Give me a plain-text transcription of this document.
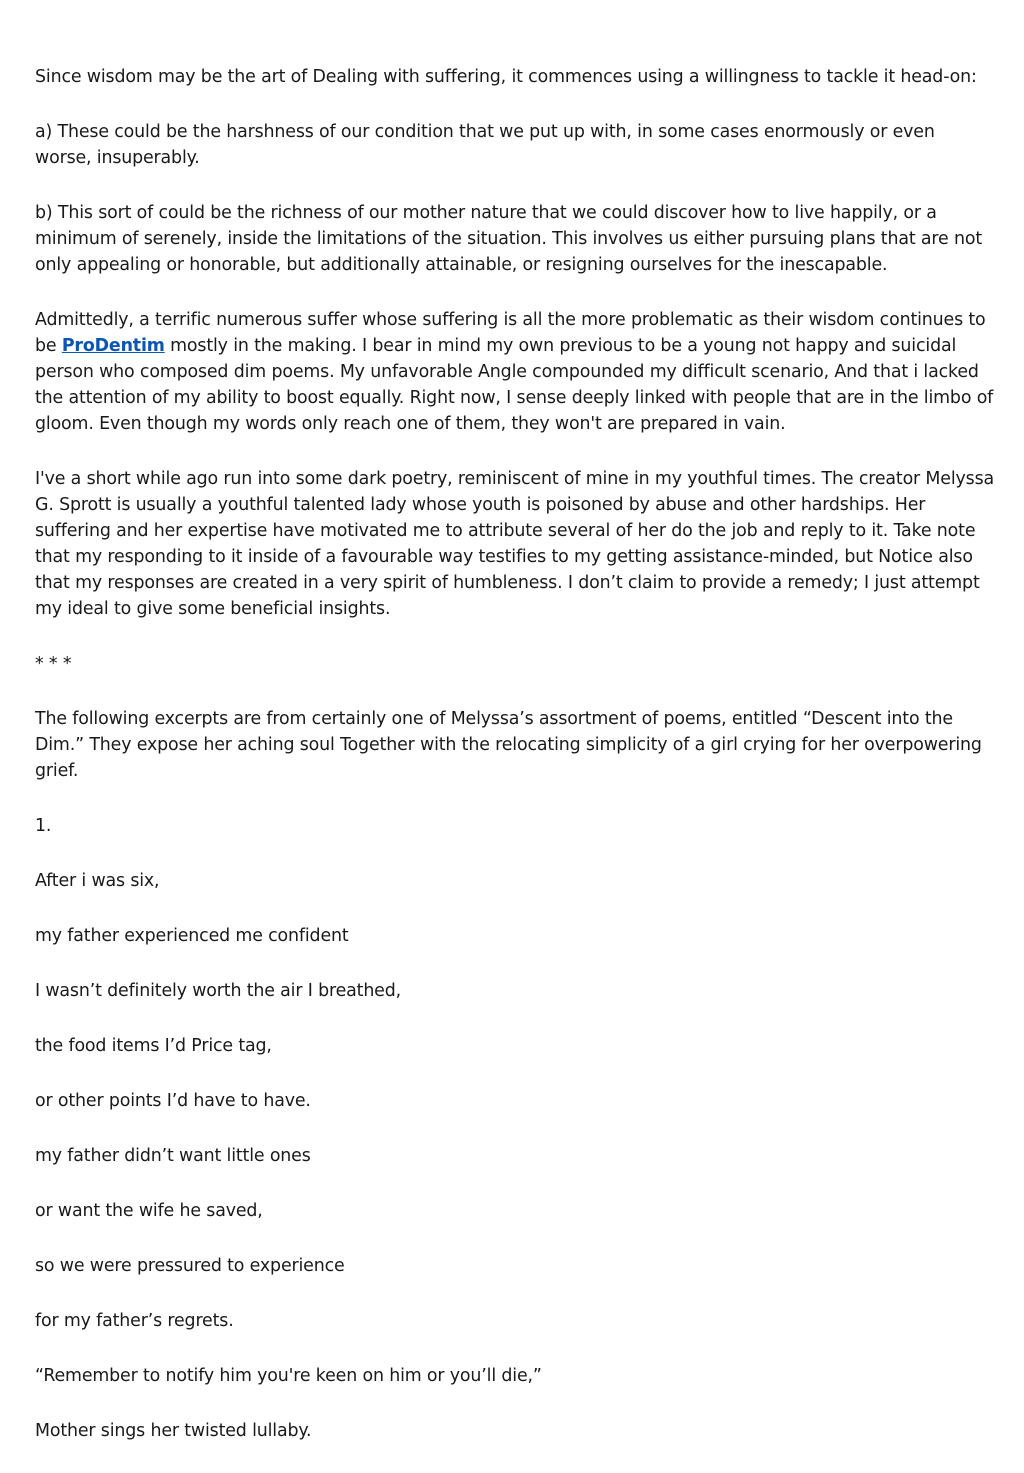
Since wisdom may be the art of Dealing with suffering, it commences using a willingness to tackle it head-on:

a) These could be the harshness of our condition that we put up with, in some cases enormously or even worse, insuperably.

b) This sort of could be the richness of our mother nature that we could discover how to live happily, or a minimum of serenely, inside the limitations of the situation. This involves us either pursuing plans that are not only appealing or honorable, but additionally attainable, or resigning ourselves for the inescapable.

Admittedly, a terrific numerous suffer whose suffering is all the more problematic as their wisdom continues to be ProDentim mostly in the making. I bear in mind my own previous to be a young not happy and suicidal person who composed dim poems. My unfavorable Angle compounded my difficult scenario, And that i lacked the attention of my ability to boost equally. Right now, I sense deeply linked with people that are in the limbo of gloom. Even though my words only reach one of them, they won't are prepared in vain.

I've a short while ago run into some dark poetry, reminiscent of mine in my youthful times. The creator Melyssa G. Sprott is usually a youthful talented lady whose youth is poisoned by abuse and other hardships. Her suffering and her expertise have motivated me to attribute several of her do the job and reply to it. Take note that my responding to it inside of a favourable way testifies to my getting assistance-minded, but Notice also that my responses are created in a very spirit of humbleness. I don’t claim to provide a remedy; I just attempt my ideal to give some beneficial insights.

* * *

The following excerpts are from certainly one of Melyssa’s assortment of poems, entitled “Descent into the Dim.” They expose her aching soul Together with the relocating simplicity of a girl crying for her overpowering grief.

1.

After i was six,

my father experienced me confident

I wasn’t definitely worth the air I breathed,

the food items I’d Price tag,

or other points I’d have to have.

my father didn’t want little ones

or want the wife he saved,

so we were pressured to experience

for my father’s regrets.

“Remember to notify him you're keen on him or you’ll die,”

Mother sings her twisted lullaby.
